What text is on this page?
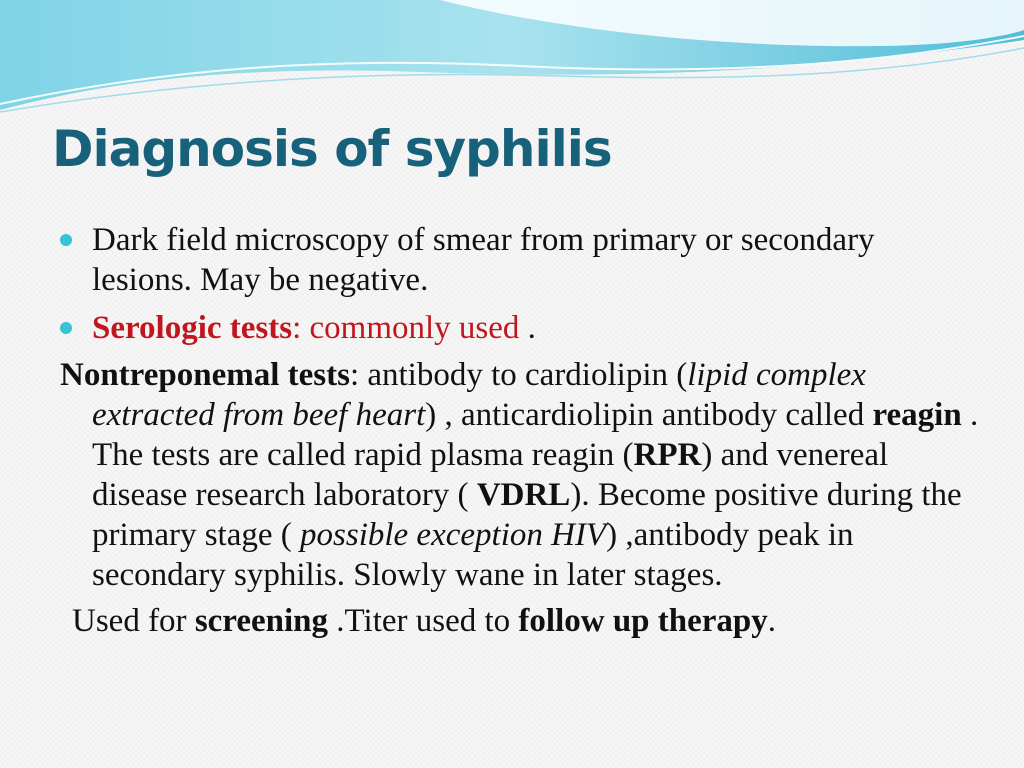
Diagnosis of syphilis

Dark field microscopy of smear from primary or secondary lesions. May be negative.

Serologic tests: commonly used .

Nontreponemal tests: antibody to cardiolipin (lipid complex extracted from beef heart) , anticardiolipin antibody called reagin . The tests are called rapid plasma reagin (RPR) and venereal disease research laboratory ( VDRL). Become positive during the primary stage ( possible exception HIV) ,antibody peak in secondary syphilis. Slowly wane in later stages.

Used for screening .Titer used to follow up therapy.
